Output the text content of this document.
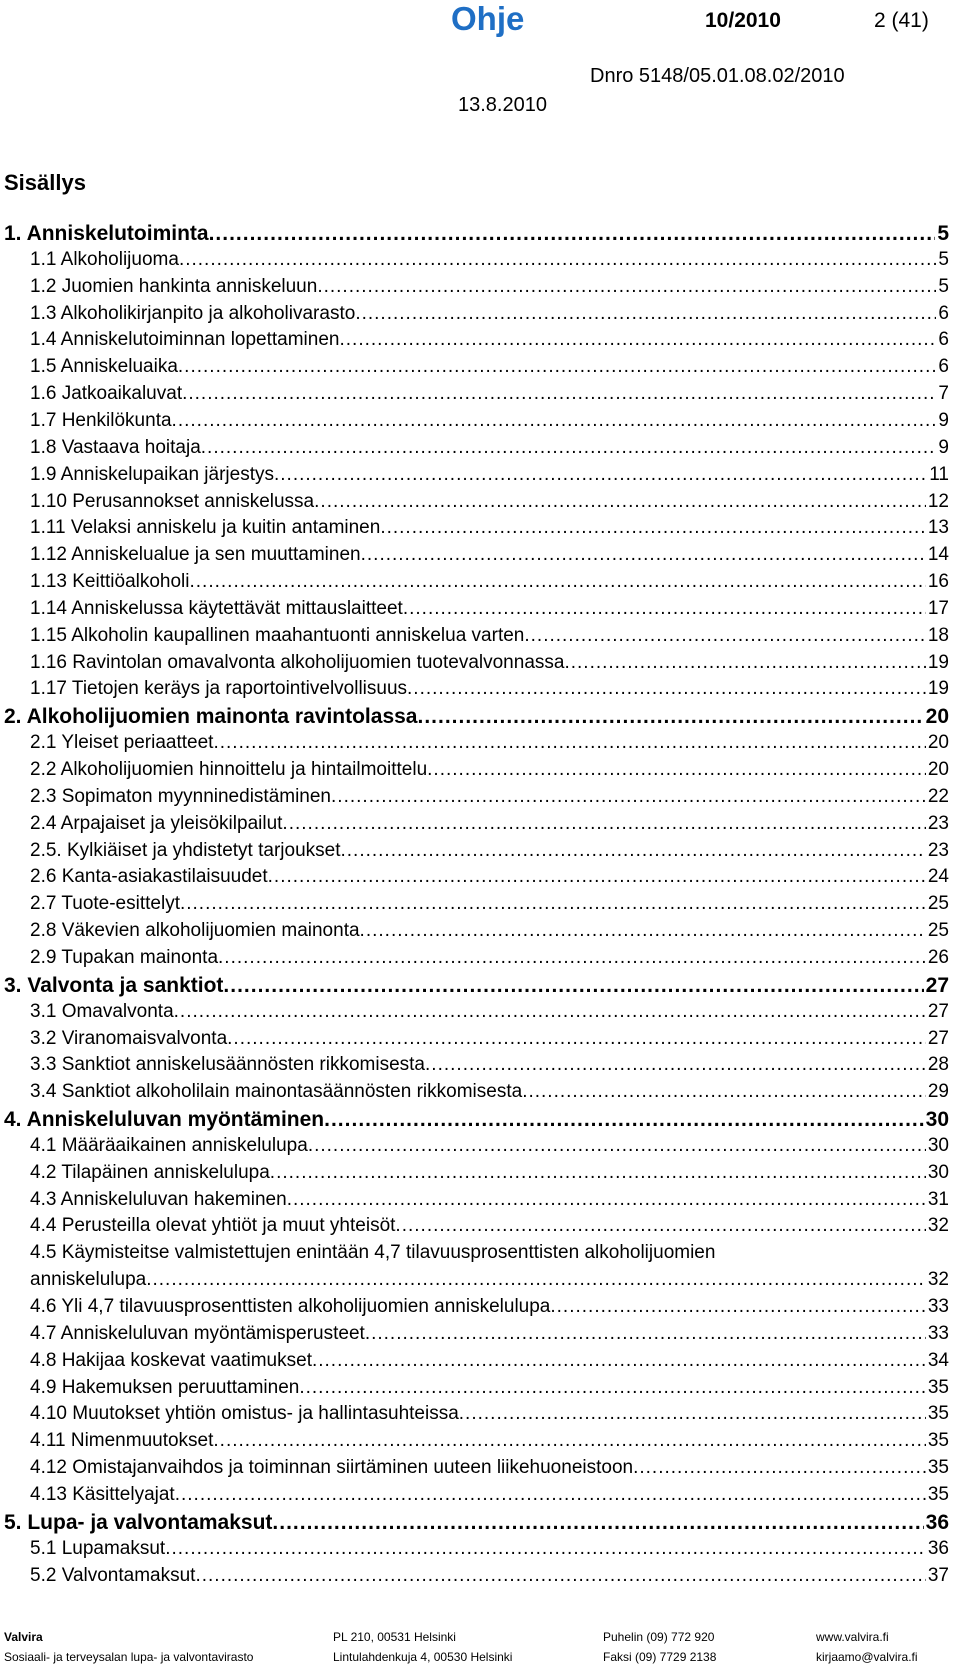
Ohje	10/2010	2 (41)
Dnro 5148/05.01.08.02/2010
13.8.2010
Sisällys
1. Anniskelutoiminta .....	5
1.1 Alkoholijuoma .....	5
1.2 Juomien hankinta anniskeluun .....	5
1.3 Alkoholikirjanpito ja alkoholivarasto .....	6
1.4 Anniskelutoiminnan lopettaminen .....	6
1.5 Anniskeluaika .....	6
1.6 Jatkoaikaluvat .....	7
1.7 Henkilökunta .....	9
1.8 Vastaava hoitaja .....	9
1.9 Anniskelupaikan järjestys .....	11
1.10 Perusannokset anniskelussa .....	12
1.11 Velaksi anniskelu ja kuitin antaminen .....	13
1.12 Anniskelualue ja sen muuttaminen .....	14
1.13 Keittiöalkoholi .....	16
1.14 Anniskelussa käytettävät mittauslaitteet .....	17
1.15 Alkoholin kaupallinen maahantuonti anniskelua varten .....	18
1.16 Ravintolan omavalvonta alkoholijuomien tuotevalvonnassa .....	19
1.17 Tietojen keräys ja raportointivelvollisuus .....	19
2. Alkoholijuomien mainonta ravintolassa .....	20
2.1 Yleiset periaatteet .....	20
2.2 Alkoholijuomien hinnoittelu ja hintailmoittelu .....	20
2.3 Sopimaton myynninedistäminen .....	22
2.4 Arpajaiset ja yleisökilpailut .....	23
2.5. Kylkiäiset ja yhdistetyt tarjoukset .....	23
2.6 Kanta-asiakastilaisuudet .....	24
2.7 Tuote-esittelyt .....	25
2.8 Väkevien alkoholijuomien mainonta .....	25
2.9 Tupakan mainonta .....	26
3. Valvonta ja sanktiot .....	27
3.1 Omavalvonta .....	27
3.2 Viranomaisvalvonta .....	27
3.3 Sanktiot anniskelusäännösten rikkomisesta .....	28
3.4 Sanktiot alkoholilain mainontasäännösten rikkomisesta .....	29
4. Anniskeluluvan myöntäminen .....	30
4.1 Määräaikainen anniskelulupa .....	30
4.2 Tilapäinen anniskelulupa .....	30
4.3 Anniskeluluvan hakeminen .....	31
4.4 Perusteilla olevat yhtiöt ja muut yhteisöt .....	32
4.5 Käymisteitse valmistettujen enintään 4,7 tilavuusprosenttisten alkoholijuomien
anniskelulupa .....	32
4.6 Yli 4,7 tilavuusprosenttisten alkoholijuomien anniskelulupa .....	33
4.7 Anniskeluluvan myöntämisperusteet .....	33
4.8 Hakijaa koskevat vaatimukset .....	34
4.9 Hakemuksen peruuttaminen .....	35
4.10 Muutokset yhtiön omistus- ja hallintasuhteissa .....	35
4.11 Nimenmuutokset .....	35
4.12 Omistajanvaihdos ja toiminnan siirtäminen uuteen liikehuoneistoon .....	35
4.13 Käsittelyajat .....	35
5. Lupa- ja valvontamaksut .....	36
5.1 Lupamaksut .....	36
5.2 Valvontamaksut .....	37
Valvira
Sosiaali- ja terveysalan lupa- ja valvontavirasto
PL 210, 00531 Helsinki
Lintulahdenkuja 4, 00530 Helsinki
Puhelin (09) 772 920
Faksi (09) 7729 2138
www.valvira.fi
kirjaamo@valvira.fi
